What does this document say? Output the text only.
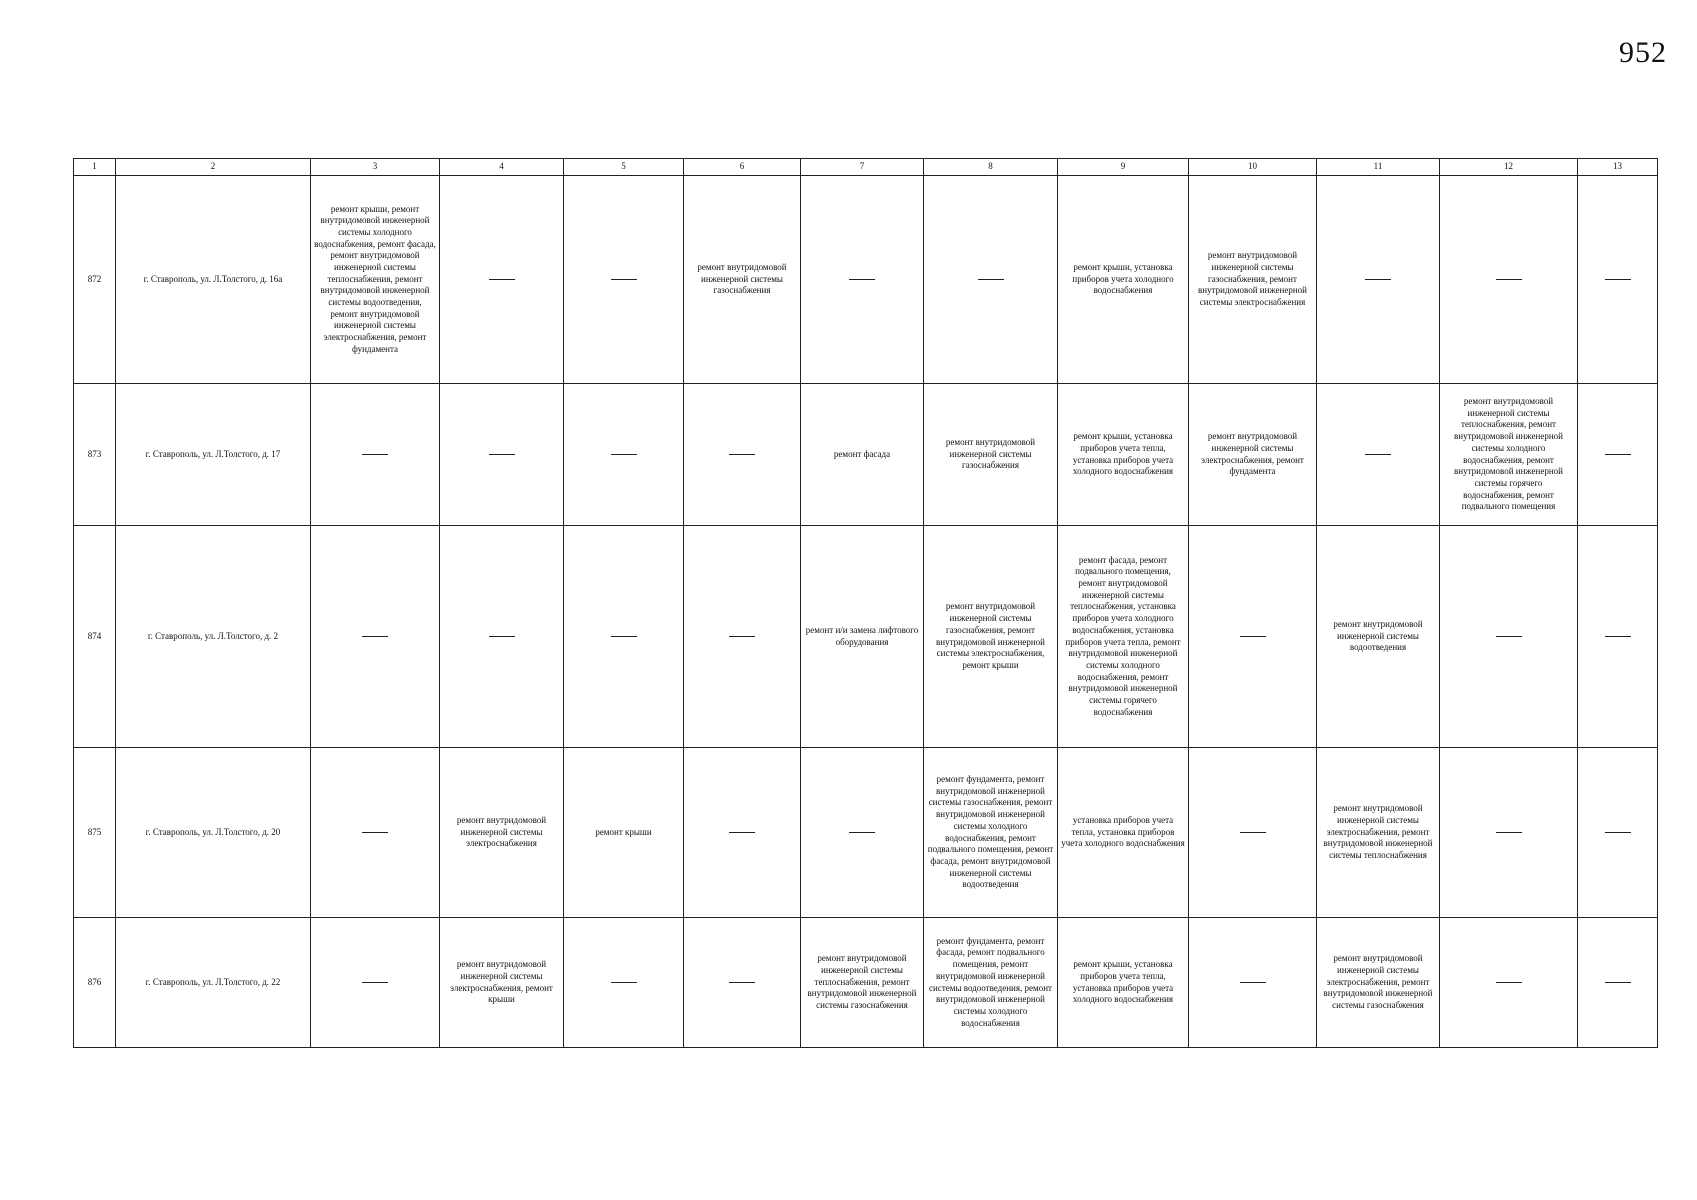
952
1	2	3	4	5	6	7	8	9	10	11	12	13
872	г. Ставрополь, ул. Л.Толстого, д. 16а	ремонт крыши, ремонт внутридомовой инженерной системы холодного водоснабжения, ремонт фасада, ремонт внутридомовой инженерной системы теплоснабжения, ремонт внутридомовой инженерной системы водоотведения, ремонт внутридомовой инженерной системы электроснабжения, ремонт фундамента			ремонт внутридомовой инженерной системы газоснабжения			ремонт крыши, установка приборов учета холодного водоснабжения	ремонт внутридомовой инженерной системы газоснабжения, ремонт внутридомовой инженерной системы электроснабжения			
873	г. Ставрополь, ул. Л.Толстого, д. 17					ремонт фасада	ремонт внутридомовой инженерной системы газоснабжения	ремонт крыши, установка приборов учета тепла, установка приборов учета холодного водоснабжения	ремонт внутридомовой инженерной системы электроснабжения, ремонт фундамента		ремонт внутридомовой инженерной системы теплоснабжения, ремонт внутридомовой инженерной системы холодного водоснабжения, ремонт внутридомовой инженерной системы горячего водоснабжения, ремонт подвального помещения	
874	г. Ставрополь, ул. Л.Толстого, д. 2					ремонт и/и замена лифтового оборудования	ремонт внутридомовой инженерной системы газоснабжения, ремонт внутридомовой инженерной системы электроснабжения, ремонт крыши	ремонт фасада, ремонт подвального помещения, ремонт внутридомовой инженерной системы теплоснабжения, установка приборов учета холодного водоснабжения, установка приборов учета тепла, ремонт внутридомовой инженерной системы холодного водоснабжения, ремонт внутридомовой инженерной системы горячего водоснабжения		ремонт внутридомовой инженерной системы водоотведения		
875	г. Ставрополь, ул. Л.Толстого, д. 20		ремонт внутридомовой инженерной системы электроснабжения	ремонт крыши			ремонт фундамента, ремонт внутридомовой инженерной системы газоснабжения, ремонт внутридомовой инженерной системы холодного водоснабжения, ремонт подвального помещения, ремонт фасада, ремонт внутридомовой инженерной системы водоотведения	установка приборов учета тепла, установка приборов учета холодного водоснабжения		ремонт внутридомовой инженерной системы электроснабжения, ремонт внутридомовой инженерной системы теплоснабжения		
876	г. Ставрополь, ул. Л.Толстого, д. 22		ремонт внутридомовой инженерной системы электроснабжения, ремонт крыши			ремонт внутридомовой инженерной системы теплоснабжения, ремонт внутридомовой инженерной системы газоснабжения	ремонт фундамента, ремонт фасада, ремонт подвального помещения, ремонт внутридомовой инженерной системы водоотведения, ремонт внутридомовой инженерной системы холодного водоснабжения	ремонт крыши, установка приборов учета тепла, установка приборов учета холодного водоснабжения		ремонт внутридомовой инженерной системы электроснабжения, ремонт внутридомовой инженерной системы газоснабжения		
